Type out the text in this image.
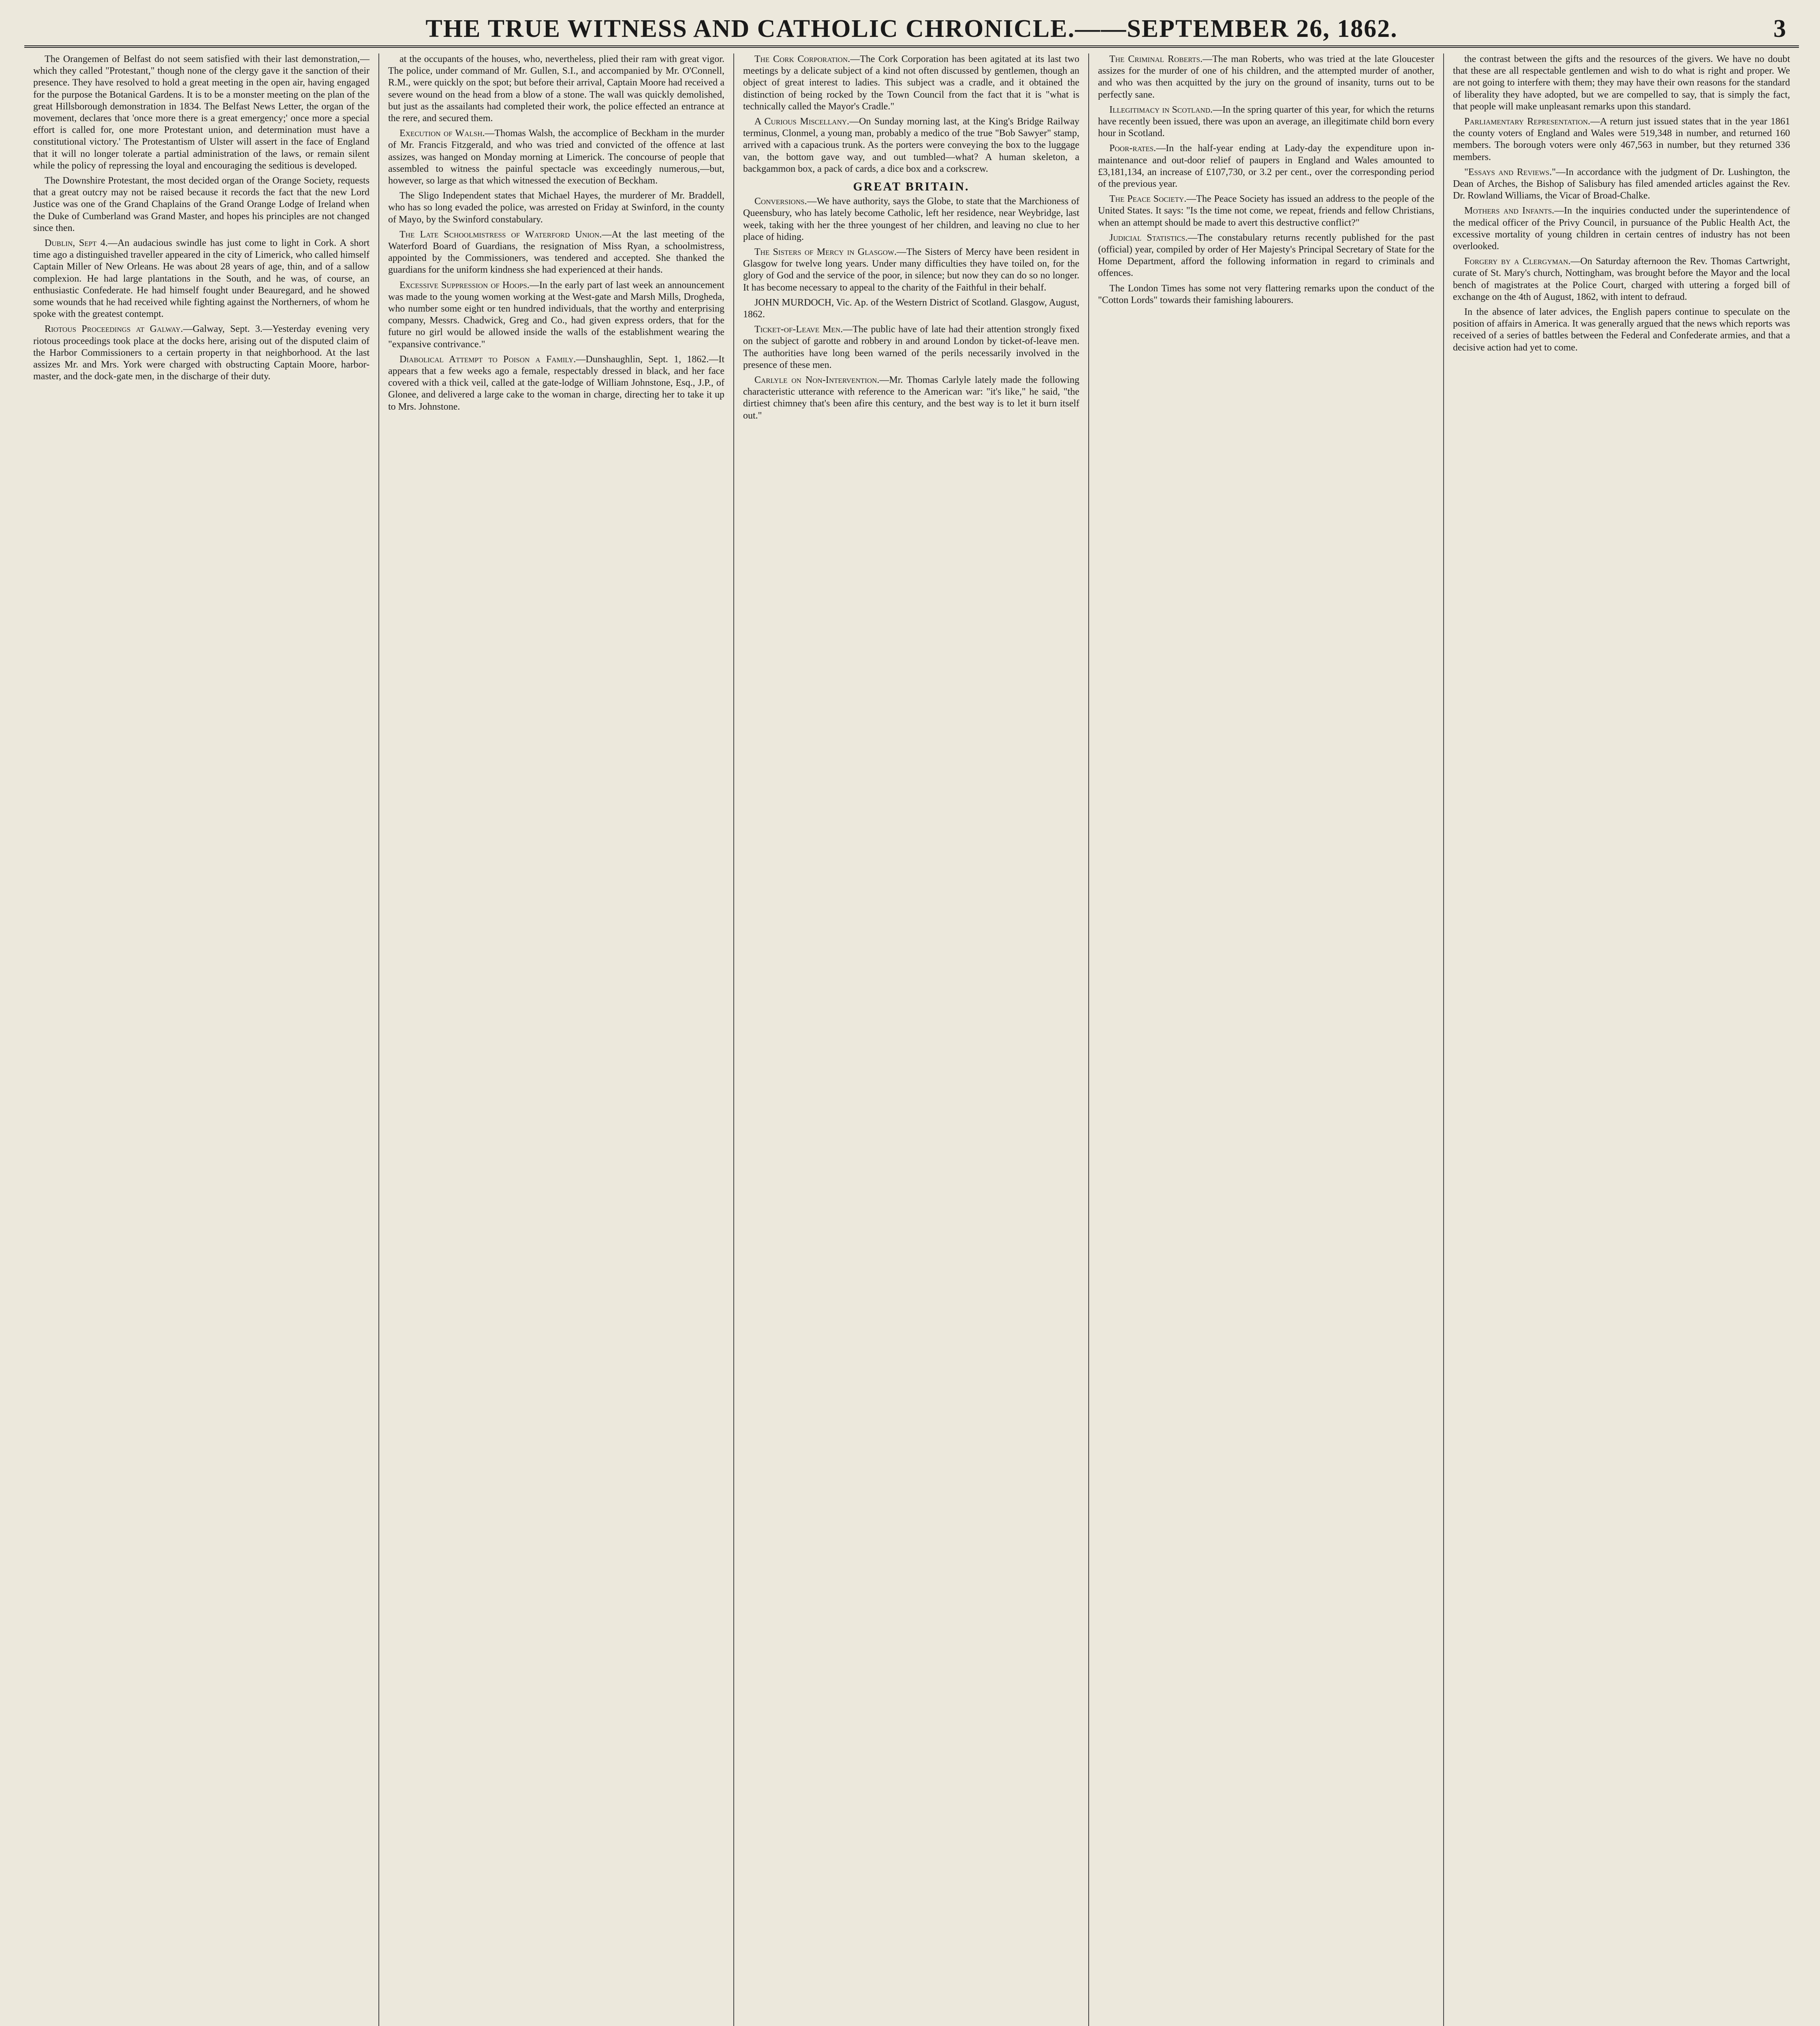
THE TRUE WITNESS AND CATHOLIC CHRONICLE.——SEPTEMBER 26, 1862.	3

The Orangemen of Belfast do not seem satisfied with their last demonstration,—which they called "Protestant," though none of the clergy gave it the sanction of their presence. They have resolved to hold a great meeting in the open air, having engaged for the purpose the Botanical Gardens. It is to be a monster meeting on the plan of the great Hillsborough demonstration in 1834. The Belfast News Letter, the organ of the movement, declares that 'once more there is a great emergency;' once more a special effort is called for, one more Protestant union, and determination must have a constitutional victory.' The Protestantism of Ulster will assert in the face of England that it will no longer tolerate a partial administration of the laws, or remain silent while the policy of repressing the loyal and encouraging the seditious is developed.

The Downshire Protestant, the most decided organ of the Orange Society, requests that a great outcry may not be raised because it records the fact that the new Lord Justice was one of the Grand Chaplains of the Grand Orange Lodge of Ireland when the Duke of Cumberland was Grand Master, and hopes his principles are not changed since then.

Dublin, Sept 4.—An audacious swindle has just come to light in Cork. A short time ago a distinguished traveller appeared in the city of Limerick, who called himself Captain Miller of New Orleans. He was about 28 years of age, thin, and of a sallow complexion. He had large plantations in the South, and he was, of course, an enthusiastic Confederate. He had himself fought under Beauregard, and he showed some wounds that he had received while fighting against the Northerners, of whom he spoke with the greatest contempt.

Riotous Proceedings at Galway.—Galway, Sept. 3.—Yesterday evening very riotous proceedings took place at the docks here, arising out of the disputed claim of the Harbor Commissioners to a certain property in that neighborhood. At the last assizes Mr. and Mrs. York were charged with obstructing Captain Moore, harbor-master, and the dock-gate men, in the discharge of their duty.

at the occupants of the houses, who, nevertheless, plied their ram with great vigor. The police, under command of Mr. Gullen, S.I., and accompanied by Mr. O'Connell, R.M., were quickly on the spot; but before their arrival, Captain Moore had received a severe wound on the head from a blow of a stone. The wall was quickly demolished, but just as the assailants had completed their work, the police effected an entrance at the rere, and secured them.

Execution of Walsh.—Thomas Walsh, the accomplice of Beckham in the murder of Mr. Francis Fitzgerald, and who was tried and convicted of the offence at last assizes, was hanged on Monday morning at Limerick. The concourse of people that assembled to witness the painful spectacle was exceedingly numerous,—but, however, so large as that which witnessed the execution of Beckham.

The Sligo Independent states that Michael Hayes, the murderer of Mr. Braddell, who has so long evaded the police, was arrested on Friday at Swinford, in the county of Mayo, by the Swinford constabulary.

The Late Schoolmistress of Waterford Union.—At the last meeting of the Waterford Board of Guardians, the resignation of Miss Ryan, a schoolmistress, appointed by the Commissioners, was tendered and accepted. She thanked the guardians for the uniform kindness she had experienced at their hands.

Excessive Suppression of Hoops.—In the early part of last week an announcement was made to the young women working at the West-gate and Marsh Mills, Drogheda, who number some eight or ten hundred individuals, that the worthy and enterprising company, Messrs. Chadwick, Greg and Co., had given express orders, that for the future no girl would be allowed inside the walls of the establishment wearing the "expansive contrivance."

Diabolical Attempt to Poison a Family.—Dunshaughlin, Sept. 1, 1862.—It appears that a few weeks ago a female, respectably dressed in black, and her face covered with a thick veil, called at the gate-lodge of William Johnstone, Esq., J.P., of Glonee, and delivered a large cake to the woman in charge, directing her to take it up to Mrs. Johnstone.

The Cork Corporation.—The Cork Corporation has been agitated at its last two meetings by a delicate subject of a kind not often discussed by gentlemen, though an object of great interest to ladies. This subject was a cradle, and it obtained the distinction of being rocked by the Town Council from the fact that it is "what is technically called the Mayor's Cradle."

A Curious Miscellany.—On Sunday morning last, at the King's Bridge Railway terminus, Clonmel, a young man, probably a medico of the true "Bob Sawyer" stamp, arrived with a capacious trunk. As the porters were conveying the box to the luggage van, the bottom gave way, and out tumbled—what? A human skeleton, a backgammon box, a pack of cards, a dice box and a corkscrew.

GREAT BRITAIN.

Conversions.—We have authority, says the Globe, to state that the Marchioness of Queensbury, who has lately become Catholic, left her residence, near Weybridge, last week, taking with her the three youngest of her children, and leaving no clue to her place of hiding.

The Sisters of Mercy in Glasgow.—The Sisters of Mercy have been resident in Glasgow for twelve long years. Under many difficulties they have toiled on, for the glory of God and the service of the poor, in silence; but now they can do so no longer. It has become necessary to appeal to the charity of the Faithful in their behalf.

JOHN MURDOCH, Vic. Ap. of the Western District of Scotland. Glasgow, August, 1862.

Ticket-of-Leave Men.—The public have of late had their attention strongly fixed on the subject of garotte and robbery in and around London by ticket-of-leave men. The authorities have long been warned of the perils necessarily involved in the presence of these men.

Carlyle on Non-Intervention.—Mr. Thomas Carlyle lately made the following characteristic utterance with reference to the American war: "it's like," he said, "the dirtiest chimney that's been afire this century, and the best way is to let it burn itself out."

The Criminal Roberts.—The man Roberts, who was tried at the late Gloucester assizes for the murder of one of his children, and the attempted murder of another, and who was then acquitted by the jury on the ground of insanity, turns out to be perfectly sane.

Illegitimacy in Scotland.—In the spring quarter of this year, for which the returns have recently been issued, there was upon an average, an illegitimate child born every hour in Scotland.

Poor-rates.—In the half-year ending at Lady-day the expenditure upon in-maintenance and out-door relief of paupers in England and Wales amounted to £3,181,134, an increase of £107,730, or 3.2 per cent., over the corresponding period of the previous year.

The Peace Society.—The Peace Society has issued an address to the people of the United States. It says: "Is the time not come, we repeat, friends and fellow Christians, when an attempt should be made to avert this destructive conflict?"

Judicial Statistics.—The constabulary returns recently published for the past (official) year, compiled by order of Her Majesty's Principal Secretary of State for the Home Department, afford the following information in regard to criminals and offences.

The London Times has some not very flattering remarks upon the conduct of the "Cotton Lords" towards their famishing labourers.

the contrast between the gifts and the resources of the givers. We have no doubt that these are all respectable gentlemen and wish to do what is right and proper. We are not going to interfere with them; they may have their own reasons for the standard of liberality they have adopted, but we are compelled to say, that is simply the fact, that people will make unpleasant remarks upon this standard.

Parliamentary Representation.—A return just issued states that in the year 1861 the county voters of England and Wales were 519,348 in number, and returned 160 members. The borough voters were only 467,563 in number, but they returned 336 members.

"Essays and Reviews."—In accordance with the judgment of Dr. Lushington, the Dean of Arches, the Bishop of Salisbury has filed amended articles against the Rev. Dr. Rowland Williams, the Vicar of Broad-Chalke.

Mothers and Infants.—In the inquiries conducted under the superintendence of the medical officer of the Privy Council, in pursuance of the Public Health Act, the excessive mortality of young children in certain centres of industry has not been overlooked.

Forgery by a Clergyman.—On Saturday afternoon the Rev. Thomas Cartwright, curate of St. Mary's church, Nottingham, was brought before the Mayor and the local bench of magistrates at the Police Court, charged with uttering a forged bill of exchange on the 4th of August, 1862, with intent to defraud.

In the absence of later advices, the English papers continue to speculate on the position of affairs in America. It was generally argued that the news which reports was received of a series of battles between the Federal and Confederate armies, and that a decisive action had yet to come.
